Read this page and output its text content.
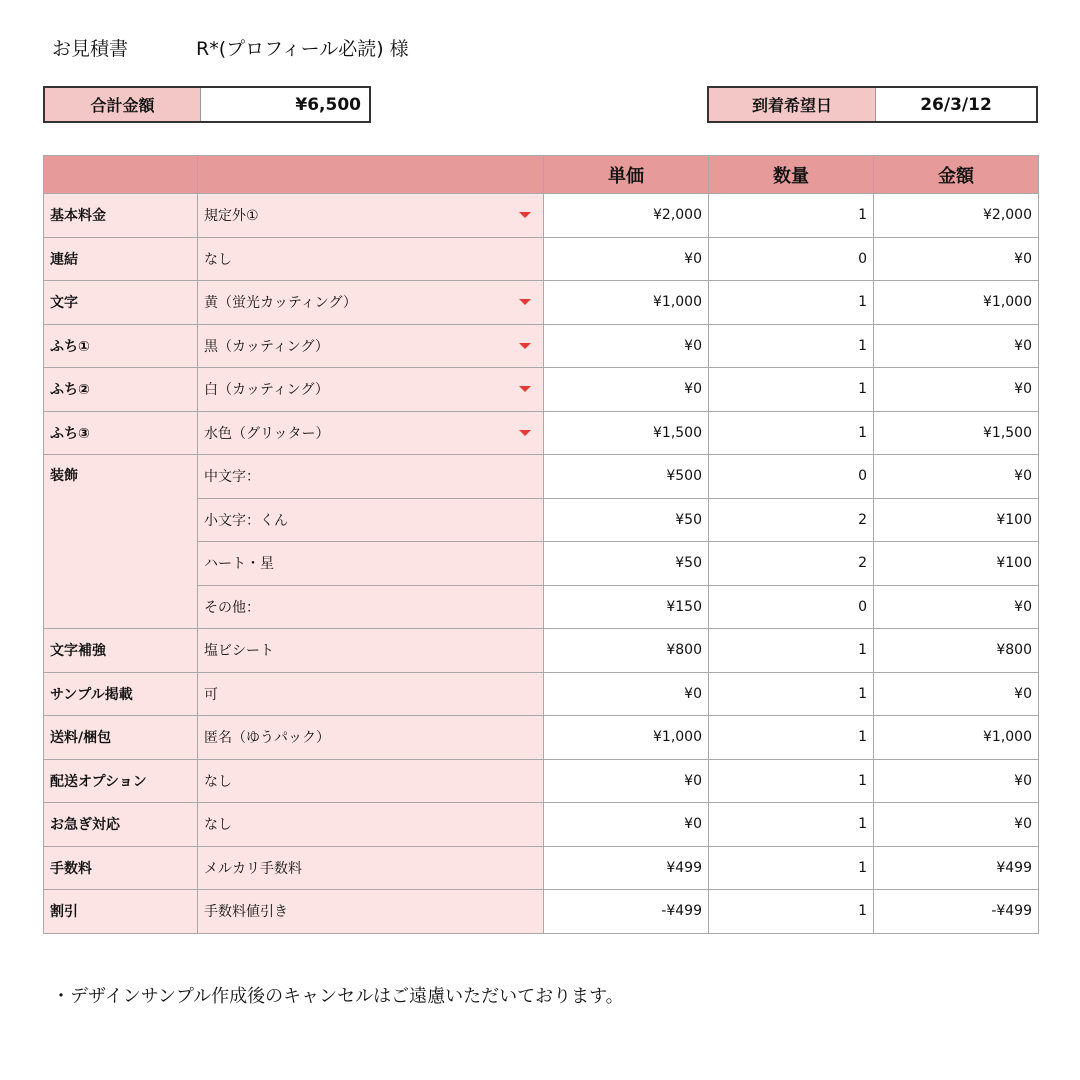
お見積書	R*(プロフィール必読) 様
合計金額	¥6,500	到着希望日	26/3/12
		単価	数量	金額
基本料金	規定外①	¥2,000	1	¥2,000
連結	なし	¥0	0	¥0
文字	黄（蛍光カッティング）	¥1,000	1	¥1,000
ふち①	黒（カッティング）	¥0	1	¥0
ふち②	白（カッティング）	¥0	1	¥0
ふち③	水色（グリッター）	¥1,500	1	¥1,500
装飾	中文字：	¥500	0	¥0
	小文字：くん	¥50	2	¥100
	ハート・星	¥50	2	¥100
	その他：	¥150	0	¥0
文字補強	塩ビシート	¥800	1	¥800
サンプル掲載	可	¥0	1	¥0
送料/梱包	匿名（ゆうパック）	¥1,000	1	¥1,000
配送オプション	なし	¥0	1	¥0
お急ぎ対応	なし	¥0	1	¥0
手数料	メルカリ手数料	¥499	1	¥499
割引	手数料値引き	-¥499	1	-¥499
・デザインサンプル作成後のキャンセルはご遠慮いただいております。
